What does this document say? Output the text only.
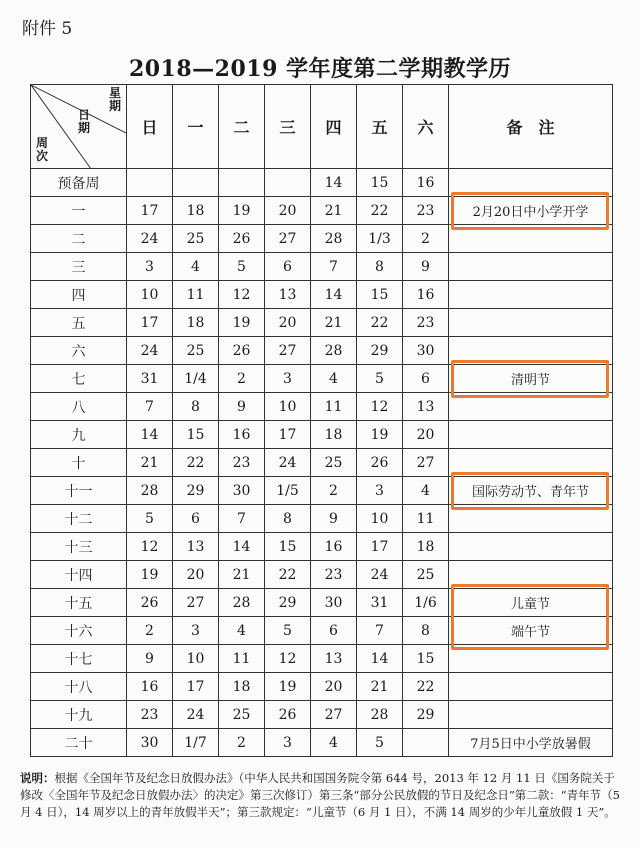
附件 5
2018—2019 学年度第二学期教学历
星期
日期
周次	日	一	二	三	四	五	六	备　注
预备周					14	15	16	
一	17	18	19	20	21	22	23	2月20日中小学开学
二	24	25	26	27	28	1/3	2	
三	3	4	5	6	7	8	9	
四	10	11	12	13	14	15	16	
五	17	18	19	20	21	22	23	
六	24	25	26	27	28	29	30	
七	31	1/4	2	3	4	5	6	清明节
八	7	8	9	10	11	12	13	
九	14	15	16	17	18	19	20	
十	21	22	23	24	25	26	27	
十一	28	29	30	1/5	2	3	4	国际劳动节、青年节
十二	5	6	7	8	9	10	11	
十三	12	13	14	15	16	17	18	
十四	19	20	21	22	23	24	25	
十五	26	27	28	29	30	31	1/6	儿童节
十六	2	3	4	5	6	7	8	端午节
十七	9	10	11	12	13	14	15	
十八	16	17	18	19	20	21	22	
十九	23	24	25	26	27	28	29	
二十	30	1/7	2	3	4	5		7月5日中小学放暑假
说明：根据《全国年节及纪念日放假办法》（中华人民共和国国务院令第 644 号，2013 年 12 月 11 日《国务院关于修改〈全国年节及纪念日放假办法〉的决定》第三次修订）第三条“部分公民放假的节日及纪念日”第二款：“青年节（5 月 4 日），14 周岁以上的青年放假半天”；第三款规定：“儿童节（6 月 1 日），不满 14 周岁的少年儿童放假 1 天”。
